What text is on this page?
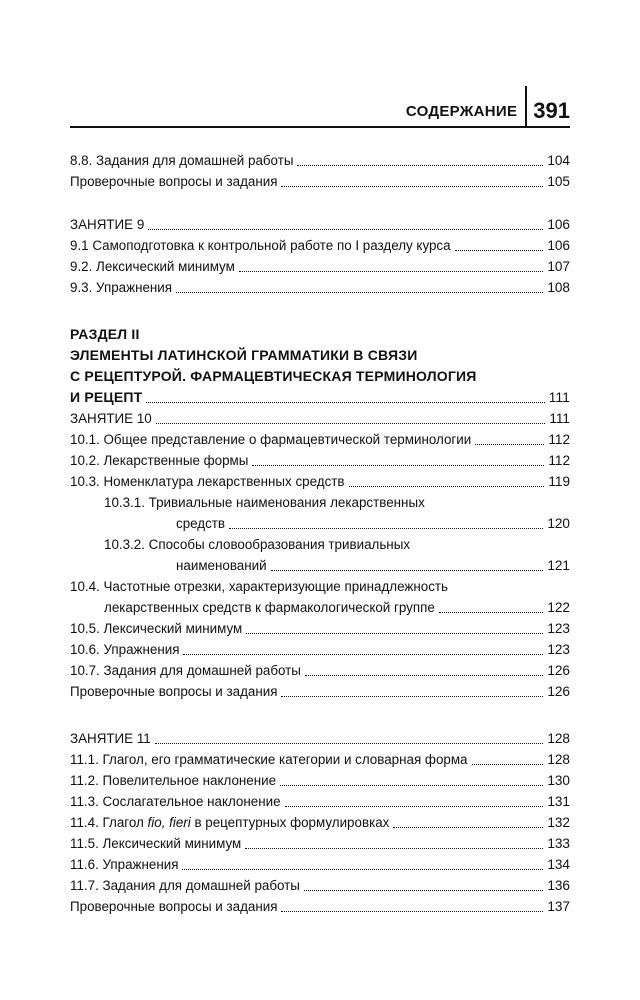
СОДЕРЖАНИЕ 391
8.8. Задания для домашней работы	104
Проверочные вопросы и задания	105
ЗАНЯТИЕ 9	106
9.1 Самоподготовка к контрольной работе по I разделу курса	106
9.2. Лексический минимум	107
9.3. Упражнения	108
РАЗДЕЛ II
ЭЛЕМЕНТЫ ЛАТИНСКОЙ ГРАММАТИКИ В СВЯЗИ
С РЕЦЕПТУРОЙ. ФАРМАЦЕВТИЧЕСКАЯ ТЕРМИНОЛОГИЯ
И РЕЦЕПТ	111
ЗАНЯТИЕ 10	111
10.1. Общее представление о фармацевтической терминологии	112
10.2. Лекарственные формы	112
10.3. Номенклатура лекарственных средств	119
10.3.1. Тривиальные наименования лекарственных
средств	120
10.3.2. Способы словообразования тривиальных
наименований	121
10.4. Частотные отрезки, характеризующие принадлежность
лекарственных средств к фармакологической группе	122
10.5. Лексический минимум	123
10.6. Упражнения	123
10.7. Задания для домашней работы	126
Проверочные вопросы и задания	126
ЗАНЯТИЕ 11	128
11.1. Глагол, его грамматические категории и словарная форма	128
11.2. Повелительное наклонение	130
11.3. Сослагательное наклонение	131
11.4. Глагол fio, fieri в рецептурных формулировках	132
11.5. Лексический минимум	133
11.6. Упражнения	134
11.7. Задания для домашней работы	136
Проверочные вопросы и задания	137
